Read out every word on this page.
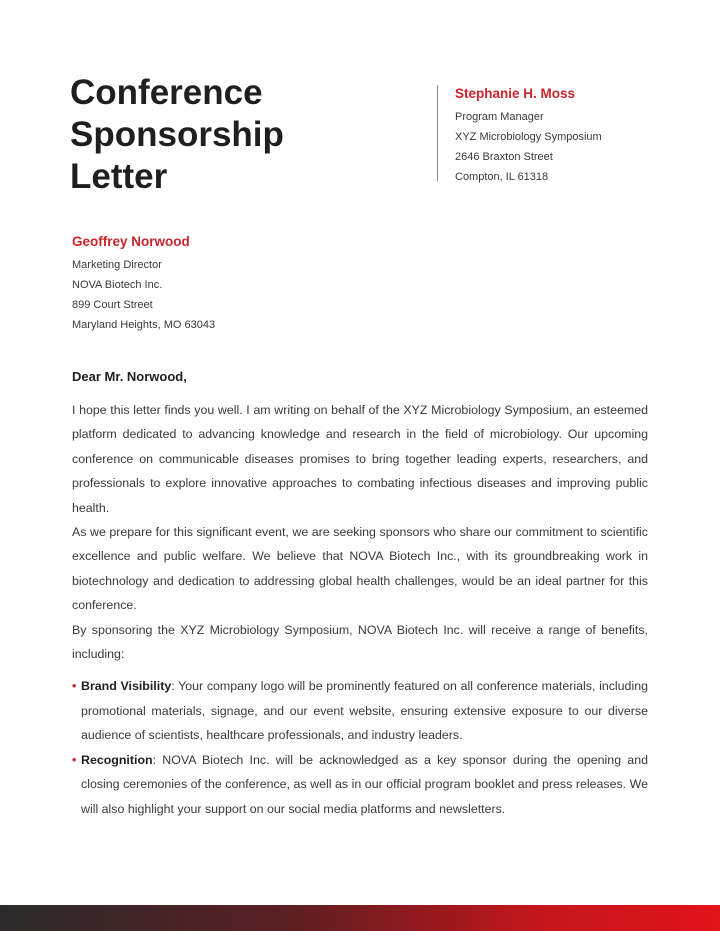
Conference
Sponsorship
Letter

Stephanie H. Moss

Program Manager

XYZ Microbiology Symposium

2646 Braxton Street

Compton, IL 61318

Geoffrey Norwood

Marketing Director

NOVA Biotech Inc.

899 Court Street

Maryland Heights, MO 63043

Dear Mr. Norwood,

I hope this letter finds you well. I am writing on behalf of the XYZ Microbiology Symposium, an esteemed platform dedicated to advancing knowledge and research in the field of microbiology. Our upcoming conference on communicable diseases promises to bring together leading experts, researchers, and professionals to explore innovative approaches to combating infectious diseases and improving public health.

As we prepare for this significant event, we are seeking sponsors who share our commitment to scientific excellence and public welfare. We believe that NOVA Biotech Inc., with its groundbreaking work in biotechnology and dedication to addressing global health challenges, would be an ideal partner for this conference.

By sponsoring the XYZ Microbiology Symposium, NOVA Biotech Inc. will receive a range of benefits, including:

• Brand Visibility: Your company logo will be prominently featured on all conference materials, including promotional materials, signage, and our event website, ensuring extensive exposure to our diverse audience of scientists, healthcare professionals, and industry leaders.
• Recognition: NOVA Biotech Inc. will be acknowledged as a key sponsor during the opening and closing ceremonies of the conference, as well as in our official program booklet and press releases. We will also highlight your support on our social media platforms and newsletters.
